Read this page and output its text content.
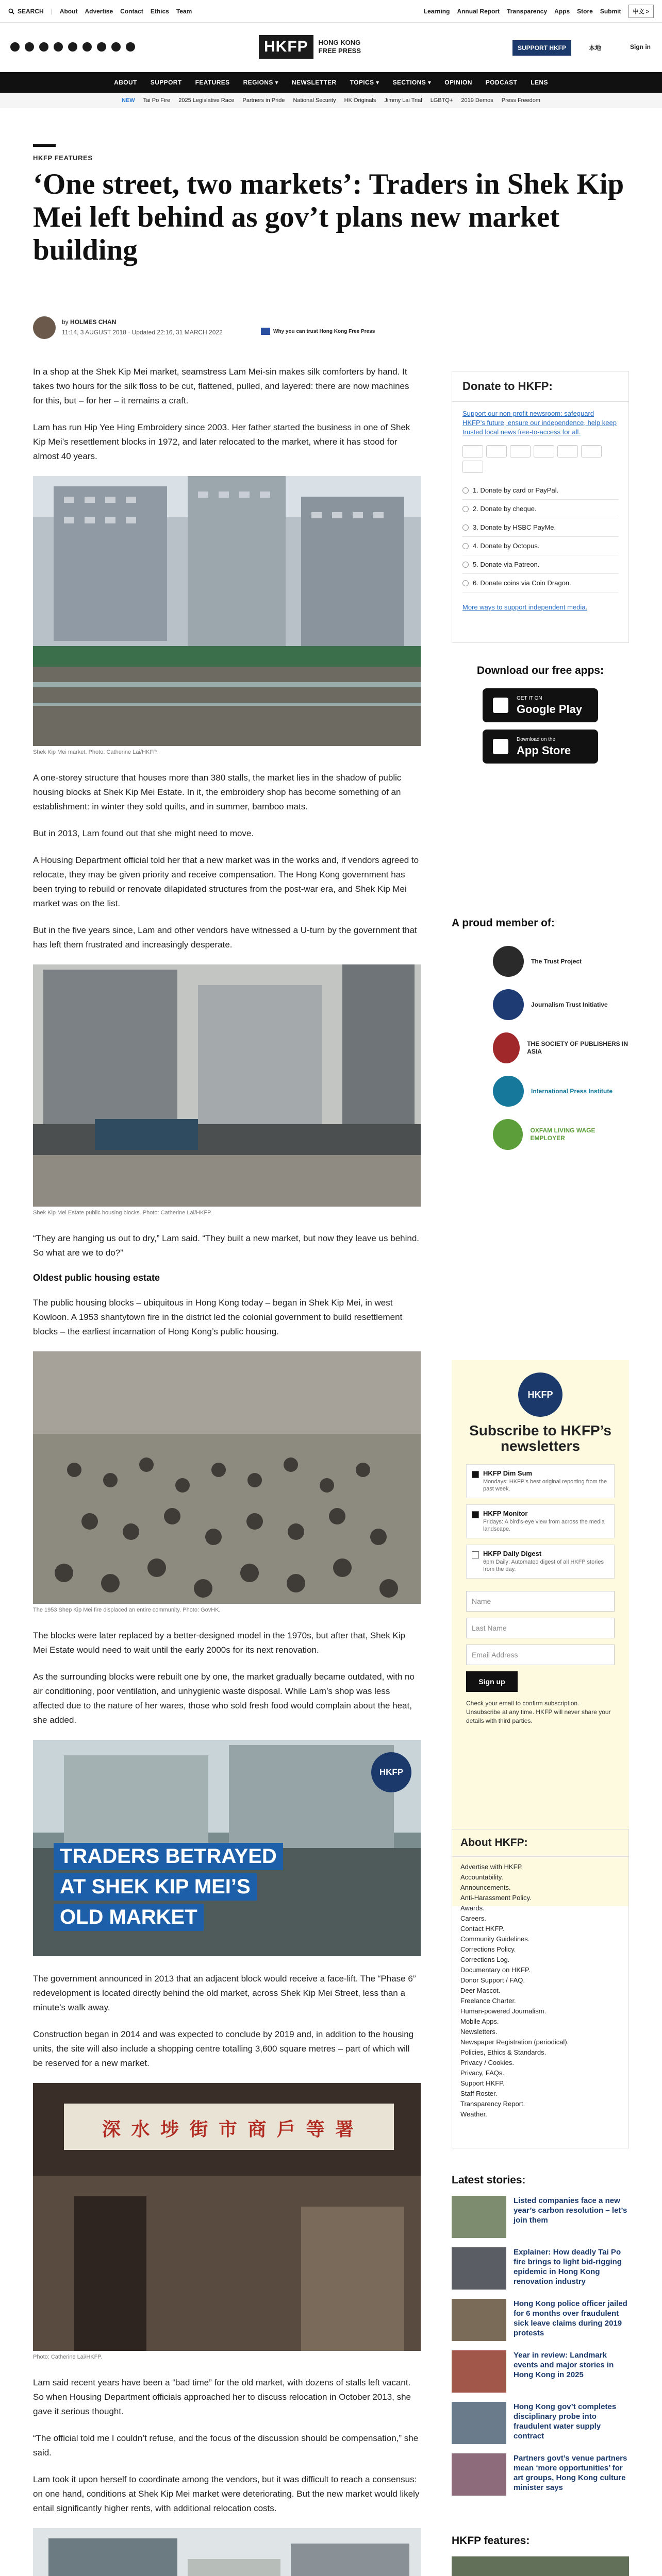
SEARCH | About Advertise Contact Ethics Team	Learning Annual Report Transparency Apps Store Submit	中文 >
HKFP	HONG KONG
FREE PRESS	SUPPORT HKFP	本地	Sign in
ABOUT SUPPORT FEATURES REGIONS ▾ NEWSLETTER TOPICS ▾ SECTIONS ▾ OPINION PODCAST LENS
NEW Tai Po Fire 2025 Legislative Race Partners in Pride National Security HK Originals Jimmy Lai Trial LGBTQ+ 2019 Demos Press Freedom
HKFP FEATURES
‘One street, two markets’: Traders in Shek Kip Mei left behind as gov’t plans new market building
by HOLMES CHAN
11:14, 3 AUGUST 2018 · Updated 22:16, 31 MARCH 2022	Why you can trust Hong Kong Free Press

In a shop at the Shek Kip Mei market, seamstress Lam Mei-sin makes silk comforters by hand. It takes two hours for the silk floss to be cut, flattened, pulled, and layered: there are now machines for this, but – for her – it remains a craft.

Lam has run Hip Yee Hing Embroidery since 2003. Her father started the business in one of Shek Kip Mei’s resettlement blocks in 1972, and later relocated to the market, where it has stood for almost 40 years.

Shek Kip Mei market. Photo: Catherine Lai/HKFP.

A one-storey structure that houses more than 380 stalls, the market lies in the shadow of public housing blocks at Shek Kip Mei Estate. In it, the embroidery shop has become something of an establishment: in winter they sold quilts, and in summer, bamboo mats.

But in 2013, Lam found out that she might need to move.

A Housing Department official told her that a new market was in the works and, if vendors agreed to relocate, they may be given priority and receive compensation. The Hong Kong government has been trying to rebuild or renovate dilapidated structures from the post-war era, and Shek Kip Mei market was on the list.

But in the five years since, Lam and other vendors have witnessed a U-turn by the government that has left them frustrated and increasingly desperate.

Shek Kip Mei Estate public housing blocks. Photo: Catherine Lai/HKFP.

“They are hanging us out to dry,” Lam said. “They built a new market, but now they leave us behind. So what are we to do?”

Oldest public housing estate

The public housing blocks – ubiquitous in Hong Kong today – began in Shek Kip Mei, in west Kowloon. A 1953 shantytown fire in the district led the colonial government to build resettlement blocks – the earliest incarnation of Hong Kong’s public housing.

The 1953 Shep Kip Mei fire displaced an entire community. Photo: GovHK.

The blocks were later replaced by a better-designed model in the 1970s, but after that, Shek Kip Mei Estate would need to wait until the early 2000s for its next renovation.

As the surrounding blocks were rebuilt one by one, the market gradually became outdated, with no air conditioning, poor ventilation, and unhygienic waste disposal. While Lam’s shop was less affected due to the nature of her wares, those who sold fresh food would complain about the heat, she added.

HKFP
TRADERS BETRAYED
AT SHEK KIP MEI’S
OLD MARKET

The government announced in 2013 that an adjacent block would receive a face-lift. The “Phase 6” redevelopment is located directly behind the old market, across Shek Kip Mei Street, less than a minute’s walk away.

Construction began in 2014 and was expected to conclude by 2019 and, in addition to the housing units, the site will also include a shopping centre totalling 3,600 square metres – part of which will be reserved for a new market.

深 水 埗 街 市 商 戶 等 署
Photo: Catherine Lai/HKFP.

Lam said recent years have been a “bad time” for the old market, with dozens of stalls left vacant. So when Housing Department officials approached her to discuss relocation in October 2013, she gave it serious thought.

“The official told me I couldn’t refuse, and the focus of the discussion should be compensation,” she said.

Lam took it upon herself to coordinate among the vendors, but it was difficult to reach a consensus: on one hand, conditions at Shek Kip Mei market were deteriorating. But the new market would likely entail significantly higher rents, with additional relocation costs.

Donate to HKFP:
Support our non-profit newsroom: safeguard HKFP’s future, ensure our independence, help keep trusted local news free-to-access for all.
1. Donate by card or PayPal.
2. Donate by cheque.
3. Donate by HSBC PayMe.
4. Donate by Octopus.
5. Donate via Patreon.
6. Donate coins via Coin Dragon.
More ways to support independent media.
Download our free apps:
GET IT ON
Google Play
Download on the
App Store
A proud member of:
The Trust Project
Journalism Trust Initiative
THE SOCIETY OF PUBLISHERS IN ASIA
International Press Institute
OXFAM LIVING WAGE EMPLOYER
HKFP
Subscribe to HKFP’s newsletters
HKFP Dim Sum
Mondays: HKFP’s best original reporting from the past week.
HKFP Monitor
Fridays: A bird’s-eye view from across the media landscape.
HKFP Daily Digest
6pm Daily: Automated digest of all HKFP stories from the day.
Name
Last Name
Email Address
Sign up
Check your email to confirm subscription. Unsubscribe at any time. HKFP will never share your details with third parties.
About HKFP:
Advertise with HKFP.
Accountability.
Announcements.
Anti-Harassment Policy.
Awards.
Careers.
Contact HKFP.
Community Guidelines.
Corrections Policy.
Corrections Log.
Documentary on HKFP.
Donor Support / FAQ.
Deer Mascot.
Freelance Charter.
Human-powered Journalism.
Mobile Apps.
Newsletters.
Newspaper Registration (periodical).
Policies, Ethics & Standards.
Privacy / Cookies.
Privacy, FAQs.
Support HKFP.
Staff Roster.
Transparency Report.
Weather.
Latest stories:
Listed companies face a new year’s carbon resolution – let’s join them
Explainer: How deadly Tai Po fire brings to light bid-rigging epidemic in Hong Kong renovation industry
Hong Kong police officer jailed for 6 months over fraudulent sick leave claims during 2019 protests
Year in review: Landmark events and major stories in Hong Kong in 2025
Hong Kong gov’t completes disciplinary probe into fraudulent water supply contract
Partners govt’s venue partners mean ‘more opportunities’ for art groups, Hong Kong culture minister says
HKFP features:
